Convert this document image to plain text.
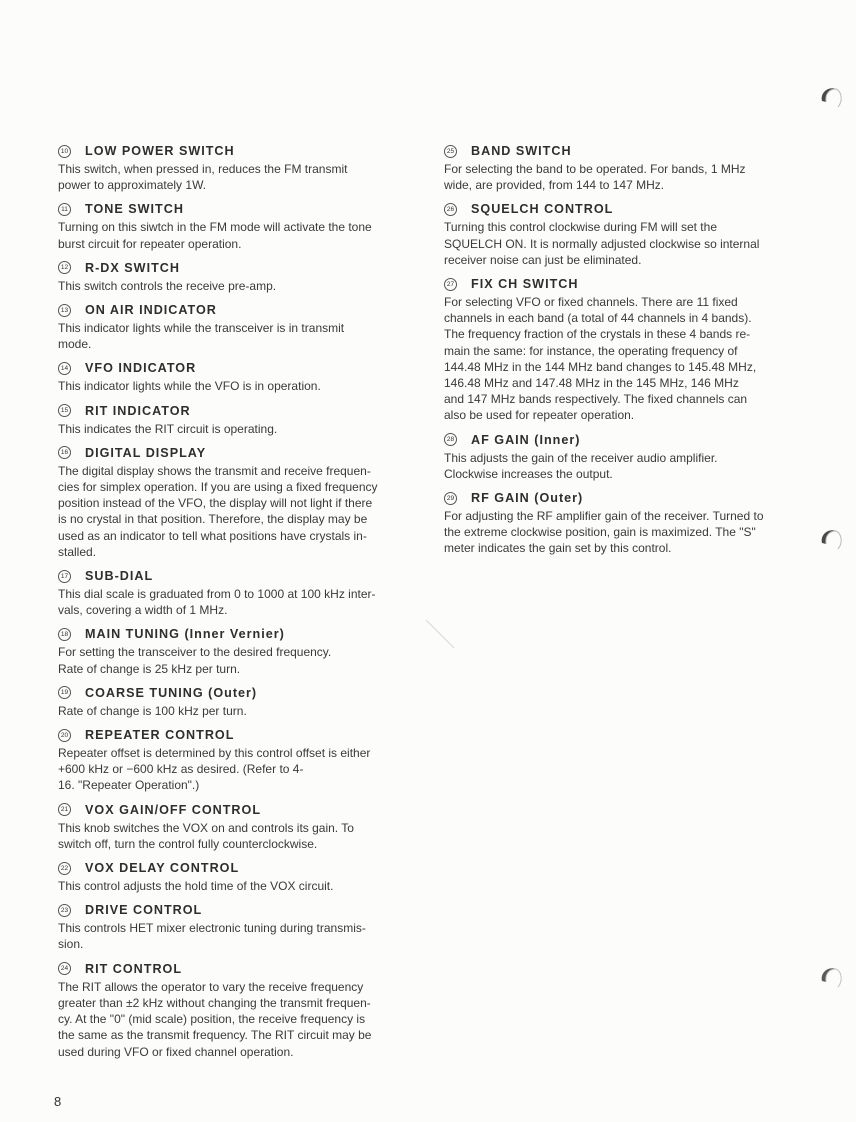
10 LOW POWER SWITCH
This switch, when pressed in, reduces the FM transmit
power to approximately 1W.
11 TONE SWITCH
Turning on this siwtch in the FM mode will activate the tone
burst circuit for repeater operation.
12 R-DX SWITCH
This switch controls the receive pre-amp.
13 ON AIR INDICATOR
This indicator lights while the transceiver is in transmit
mode.
14 VFO INDICATOR
This indicator lights while the VFO is in operation.
15 RIT INDICATOR
This indicates the RIT circuit is operating.
16 DIGITAL DISPLAY
The digital display shows the transmit and receive frequen-
cies for simplex operation. If you are using a fixed frequency
position instead of the VFO, the display will not light if there
is no crystal in that position. Therefore, the display may be
used as an indicator to tell what positions have crystals in-
stalled.
17 SUB-DIAL
This dial scale is graduated from 0 to 1000 at 100 kHz inter-
vals, covering a width of 1 MHz.
18 MAIN TUNING (Inner Vernier)
For setting the transceiver to the desired frequency.
Rate of change is 25 kHz per turn.
19 COARSE TUNING (Outer)
Rate of change is 100 kHz per turn.
20 REPEATER CONTROL
Repeater offset is determined by this control offset is either
+600 kHz or −600 kHz as desired. (Refer to 4-
16. "Repeater Operation".)
21 VOX GAIN/OFF CONTROL
This knob switches the VOX on and controls its gain. To
switch off, turn the control fully counterclockwise.
22 VOX DELAY CONTROL
This control adjusts the hold time of the VOX circuit.
23 DRIVE CONTROL
This controls HET mixer electronic tuning during transmis-
sion.
24 RIT CONTROL
The RIT allows the operator to vary the receive frequency
greater than ±2 kHz without changing the transmit frequen-
cy. At the "0" (mid scale) position, the receive frequency is
the same as the transmit frequency. The RIT circuit may be
used during VFO or fixed channel operation.
25 BAND SWITCH
For selecting the band to be operated. For bands, 1 MHz
wide, are provided, from 144 to 147 MHz.
26 SQUELCH CONTROL
Turning this control clockwise during FM will set the
SQUELCH ON. It is normally adjusted clockwise so internal
receiver noise can just be eliminated.
27 FIX CH SWITCH
For selecting VFO or fixed channels. There are 11 fixed
channels in each band (a total of 44 channels in 4 bands).
The frequency fraction of the crystals in these 4 bands re-
main the same: for instance, the operating frequency of
144.48 MHz in the 144 MHz band changes to 145.48 MHz,
146.48 MHz and 147.48 MHz in the 145 MHz, 146 MHz
and 147 MHz bands respectively. The fixed channels can
also be used for repeater operation.
28 AF GAIN (Inner)
This adjusts the gain of the receiver audio amplifier.
Clockwise increases the output.
29 RF GAIN (Outer)
For adjusting the RF amplifier gain of the receiver. Turned to
the extreme clockwise position, gain is maximized. The "S"
meter indicates the gain set by this control.
8
